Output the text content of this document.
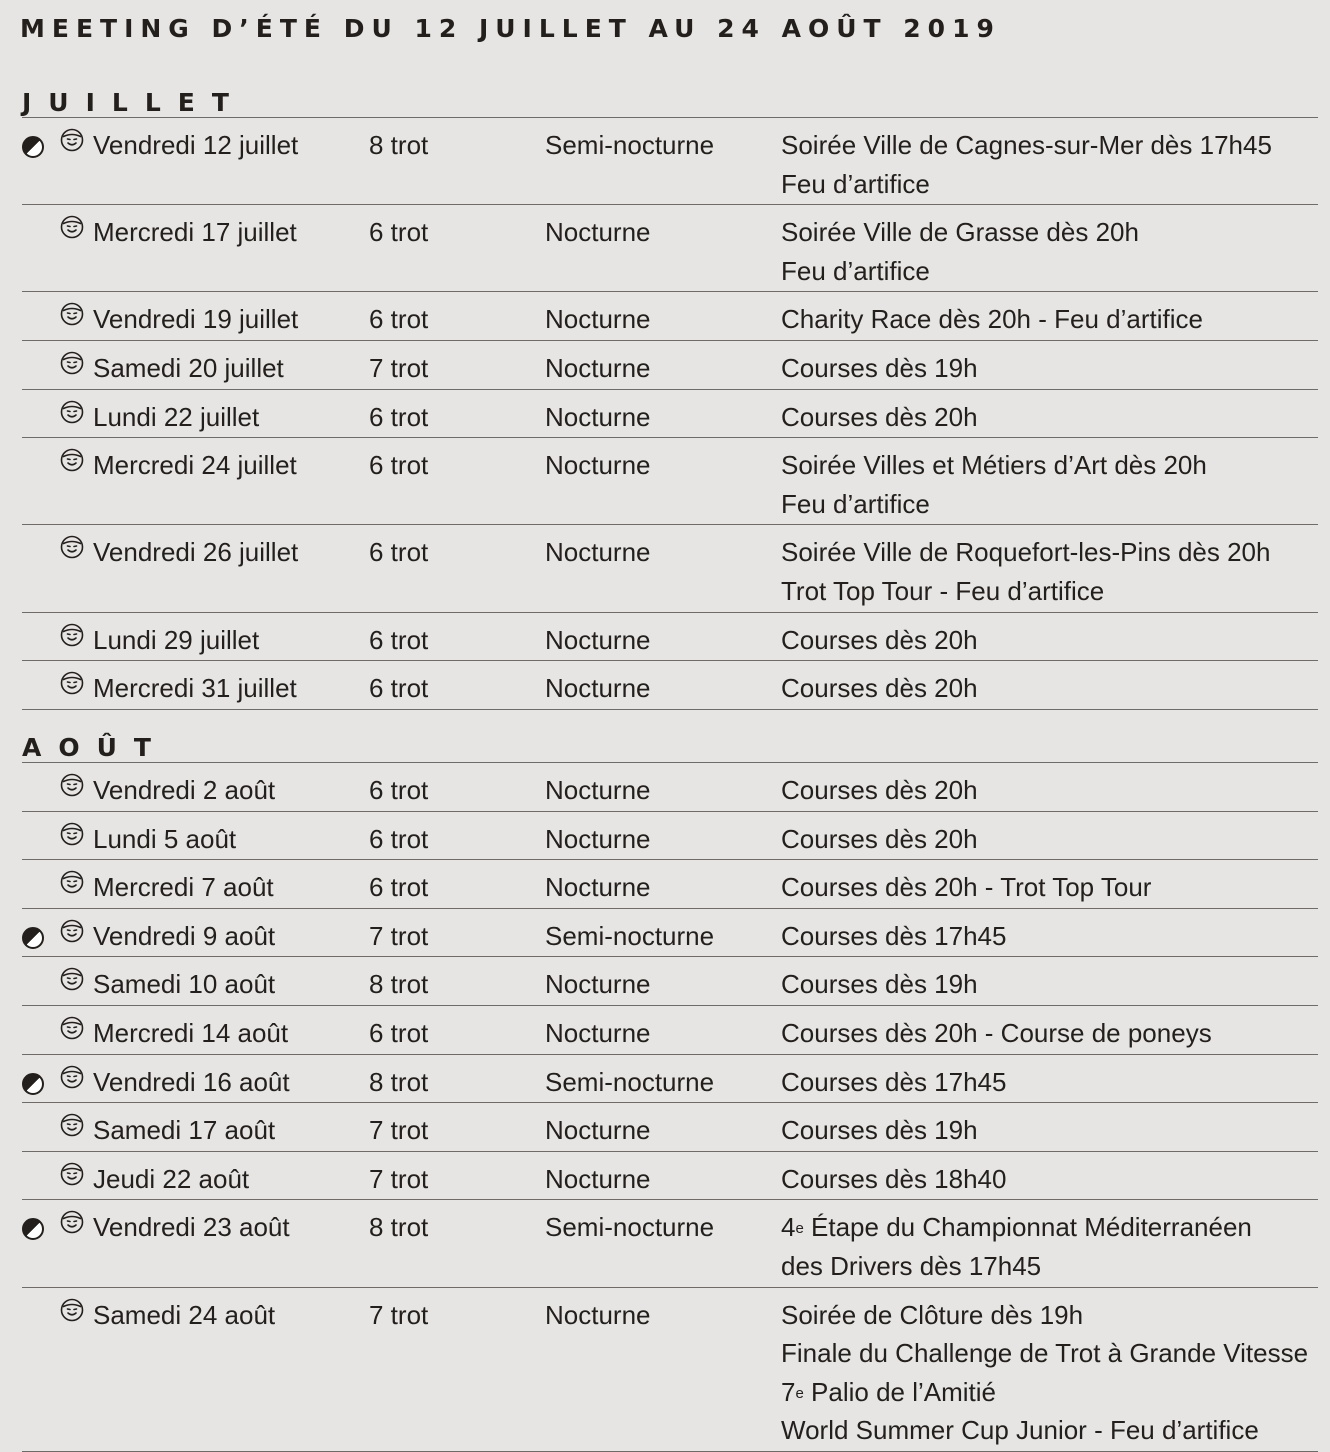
MEETING D’ÉTÉ DU 12 JUILLET AU 24 AOÛT 2019
JUILLET
Vendredi 12 juillet	8 trot	Semi-nocturne	Soirée Ville de Cagnes-sur-Mer dès 17h45
Feu d’artifice
Mercredi 17 juillet	6 trot	Nocturne	Soirée Ville de Grasse dès 20h
Feu d’artifice
Vendredi 19 juillet	6 trot	Nocturne	Charity Race dès 20h - Feu d’artifice
Samedi 20 juillet	7 trot	Nocturne	Courses dès 19h
Lundi 22 juillet	6 trot	Nocturne	Courses dès 20h
Mercredi 24 juillet	6 trot	Nocturne	Soirée Villes et Métiers d’Art dès 20h
Feu d’artifice
Vendredi 26 juillet	6 trot	Nocturne	Soirée Ville de Roquefort-les-Pins dès 20h
Trot Top Tour - Feu d’artifice
Lundi 29 juillet	6 trot	Nocturne	Courses dès 20h
Mercredi 31 juillet	6 trot	Nocturne	Courses dès 20h
AOÛT
Vendredi 2 août	6 trot	Nocturne	Courses dès 20h
Lundi 5 août	6 trot	Nocturne	Courses dès 20h
Mercredi 7 août	6 trot	Nocturne	Courses dès 20h - Trot Top Tour
Vendredi 9 août	7 trot	Semi-nocturne	Courses dès 17h45
Samedi 10 août	8 trot	Nocturne	Courses dès 19h
Mercredi 14 août	6 trot	Nocturne	Courses dès 20h - Course de poneys
Vendredi 16 août	8 trot	Semi-nocturne	Courses dès 17h45
Samedi 17 août	7 trot	Nocturne	Courses dès 19h
Jeudi 22 août	7 trot	Nocturne	Courses dès 18h40
Vendredi 23 août	8 trot	Semi-nocturne	4e Étape du Championnat Méditerranéen
des Drivers dès 17h45
Samedi 24 août	7 trot	Nocturne	Soirée de Clôture dès 19h
Finale du Challenge de Trot à Grande Vitesse
7e Palio de l’Amitié
World Summer Cup Junior - Feu d’artifice
